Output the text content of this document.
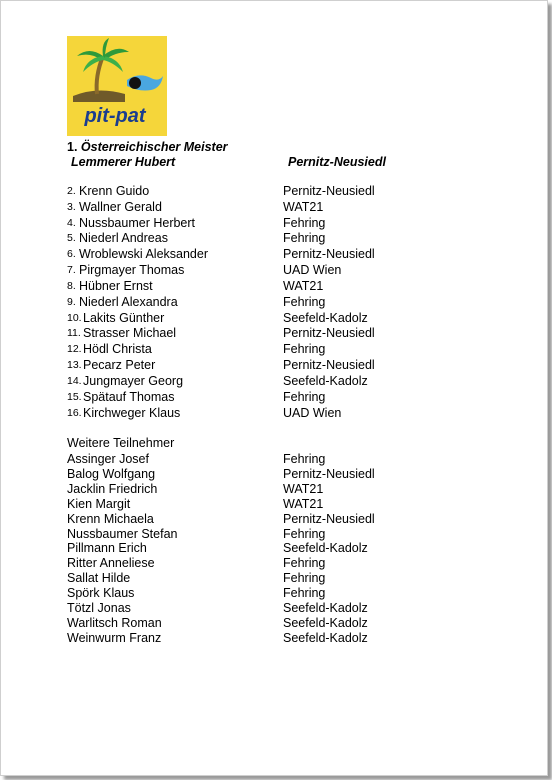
pit-pat
1. Österreichischer Meister
Lemmerer Hubert	Pernitz-Neusiedl
2. Krenn Guido	Pernitz-Neusiedl
3. Wallner Gerald	WAT21
4. Nussbaumer Herbert	Fehring
5. Niederl Andreas	Fehring
6. Wroblewski Aleksander	Pernitz-Neusiedl
7. Pirgmayer Thomas	UAD Wien
8. Hübner Ernst	WAT21
9. Niederl Alexandra	Fehring
10. Lakits Günther	Seefeld-Kadolz
11. Strasser Michael	Pernitz-Neusiedl
12. Hödl Christa	Fehring
13. Pecarz Peter	Pernitz-Neusiedl
14. Jungmayer Georg	Seefeld-Kadolz
15. Spätauf Thomas	Fehring
16. Kirchweger Klaus	UAD Wien
Weitere Teilnehmer
Assinger Josef	Fehring
Balog Wolfgang	Pernitz-Neusiedl
Jacklin Friedrich	WAT21
Kien Margit	WAT21
Krenn Michaela	Pernitz-Neusiedl
Nussbaumer Stefan	Fehring
Pillmann Erich	Seefeld-Kadolz
Ritter Anneliese	Fehring
Sallat Hilde	Fehring
Spörk Klaus	Fehring
Tötzl Jonas	Seefeld-Kadolz
Warlitsch Roman	Seefeld-Kadolz
Weinwurm Franz	Seefeld-Kadolz
